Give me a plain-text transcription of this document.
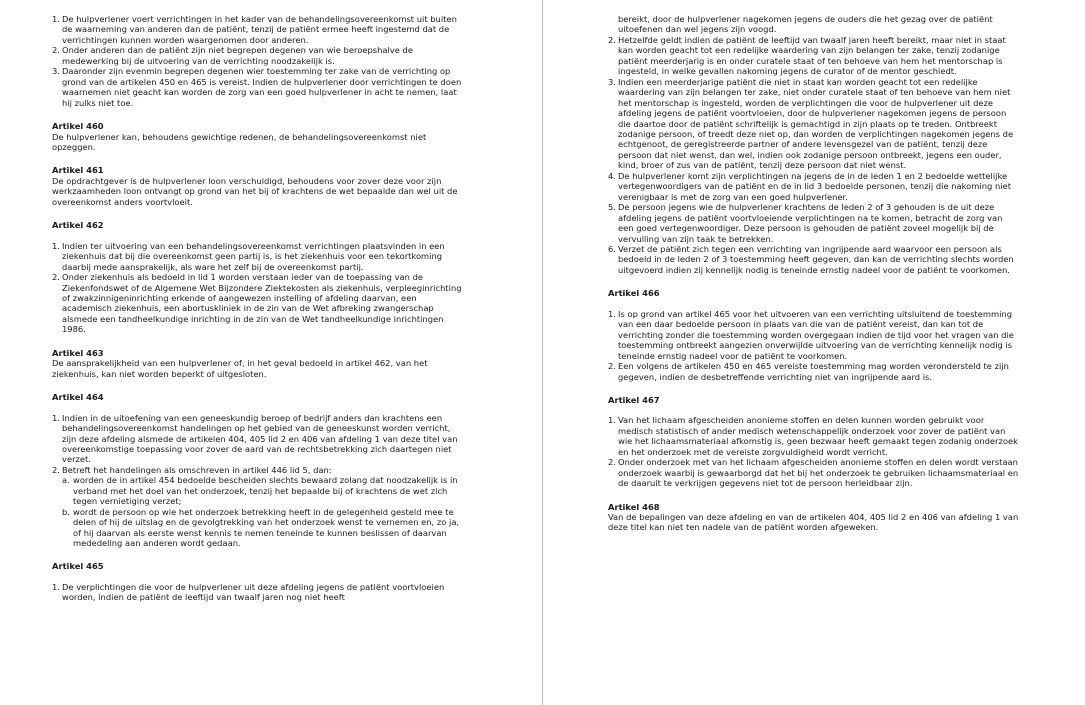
1. De hulpverlener voert verrichtingen in het kader van de behandelingsovereenkomst uit buiten de waarneming van anderen dan de patiënt, tenzij de patiënt ermee heeft ingestemd dat de verrichtingen kunnen worden waargenomen door anderen.
2. Onder anderen dan de patiënt zijn niet begrepen degenen van wie beroepshalve de medewerking bij de uitvoering van de verrichting noodzakelijk is.
3. Daaronder zijn evenmin begrepen degenen wier toestemming ter zake van de verrichting op grond van de artikelen 450 en 465 is vereist. Indien de hulpverlener door verrichtingen te doen waarnemen niet geacht kan worden de zorg van een goed hulpverlener in acht te nemen, laat hij zulks niet toe.

Artikel 460

De hulpverlener kan, behoudens gewichtige redenen, de behandelingsovereenkomst niet opzeggen.

Artikel 461

De opdrachtgever is de hulpverlener loon verschuldigd, behoudens voor zover deze voor zijn werkzaamheden loon ontvangt op grond van het bij of krachtens de wet bepaalde dan wel uit de overeenkomst anders voortvloeit.

Artikel 462

1. Indien ter uitvoering van een behandelingsovereenkomst verrichtingen plaatsvinden in een ziekenhuis dat bij die overeenkomst geen partij is, is het ziekenhuis voor een tekortkoming daarbij mede aansprakelijk, als ware het zelf bij de overeenkomst partij.
2. Onder ziekenhuis als bedoeld in lid 1 worden verstaan ieder van de toepassing van de Ziekenfondswet of de Algemene Wet Bijzondere Ziektekosten als ziekenhuis, verpleeginrichting of zwakzinnigeninrichting erkende of aangewezen instelling of afdeling daarvan, een academisch ziekenhuis, een abortuskliniek in de zin van de Wet afbreking zwangerschap alsmede een tandheelkundige inrichting in de zin van de Wet tandheelkundige inrichtingen 1986.

Artikel 463

De aansprakelijkheid van een hulpverlener of, in het geval bedoeld in artikel 462, van het ziekenhuis, kan niet worden beperkt of uitgesloten.

Artikel 464

1. Indien in de uitoefening van een geneeskundig beroep of bedrijf anders dan krachtens een behandelingsovereenkomst handelingen op het gebied van de geneeskunst worden verricht, zijn deze afdeling alsmede de artikelen 404, 405 lid 2 en 406 van afdeling 1 van deze titel van overeenkomstige toepassing voor zover de aard van de rechtsbetrekking zich daartegen niet verzet.
2. Betreft het handelingen als omschreven in artikel 446 lid 5, dan:
a. worden de in artikel 454 bedoelde bescheiden slechts bewaard zolang dat noodzakelijk is in verband met het doel van het onderzoek, tenzij het bepaalde bij of krachtens de wet zich tegen vernietiging verzet;
b. wordt de persoon op wie het onderzoek betrekking heeft in de gelegenheid gesteld mee te delen of hij de uitslag en de gevolgtrekking van het onderzoek wenst te vernemen en, zo ja, of hij daarvan als eerste wenst kennis te nemen teneinde te kunnen beslissen of daarvan mededeling aan anderen wordt gedaan.

Artikel 465

1. De verplichtingen die voor de hulpverlener uit deze afdeling jegens de patiënt voortvloeien worden, indien de patiënt de leeftijd van twaalf jaren nog niet heeft

bereikt, door de hulpverlener nagekomen jegens de ouders die het gezag over de patiënt uitoefenen dan wel jegens zijn voogd.

2. Hetzelfde geldt indien de patiënt de leeftijd van twaalf jaren heeft bereikt, maar niet in staat kan worden geacht tot een redelijke waardering van zijn belangen ter zake, tenzij zodanige patiënt meerderjarig is en onder curatele staat of ten behoeve van hem het mentorschap is ingesteld, in welke gevallen nakoming jegens de curator of de mentor geschiedt.
3. Indien een meerderjarige patiënt die niet in staat kan worden geacht tot een redelijke waardering van zijn belangen ter zake, niet onder curatele staat of ten behoeve van hem niet het mentorschap is ingesteld, worden de verplichtingen die voor de hulpverlener uit deze afdeling jegens de patiënt voortvloeien, door de hulpverlener nagekomen jegens de persoon die daartoe door de patiënt schriftelijk is gemachtigd in zijn plaats op te treden. Ontbreekt zodanige persoon, of treedt deze niet op, dan worden de verplichtingen nagekomen jegens de echtgenoot, de geregistreerde partner of andere levensgezel van de patiënt, tenzij deze persoon dat niet wenst, dan wel, indien ook zodanige persoon ontbreekt, jegens een ouder, kind, broer of zus van de patiënt, tenzij deze persoon dat niet wenst.
4. De hulpverlener komt zijn verplichtingen na jegens de in de leden 1 en 2 bedoelde wettelijke vertegenwoordigers van de patiënt en de in lid 3 bedoelde personen, tenzij die nakoming niet verenigbaar is met de zorg van een goed hulpverlener.
5. De persoon jegens wie de hulpverlener krachtens de leden 2 of 3 gehouden is de uit deze afdeling jegens de patiënt voortvloeiende verplichtingen na te komen, betracht de zorg van een goed vertegenwoordiger. Deze persoon is gehouden de patiënt zoveel mogelijk bij de vervulling van zijn taak te betrekken.
6. Verzet de patiënt zich tegen een verrichting van ingrijpende aard waarvoor een persoon als bedoeld in de leden 2 of 3 toestemming heeft gegeven, dan kan de verrichting slechts worden uitgevoerd indien zij kennelijk nodig is teneinde ernstig nadeel voor de patiënt te voorkomen.

Artikel 466

1. Is op grond van artikel 465 voor het uitvoeren van een verrichting uitsluitend de toestemming van een daar bedoelde persoon in plaats van die van de patiënt vereist, dan kan tot de verrichting zonder die toestemming worden overgegaan indien de tijd voor het vragen van die toestemming ontbreekt aangezien onverwijlde uitvoering van de verrichting kennelijk nodig is teneinde ernstig nadeel voor de patiënt te voorkomen.
2. Een volgens de artikelen 450 en 465 vereiste toestemming mag worden verondersteld te zijn gegeven, indien de desbetreffende verrichting niet van ingrijpende aard is.

Artikel 467

1. Van het lichaam afgescheiden anonieme stoffen en delen kunnen worden gebruikt voor medisch statistisch of ander medisch wetenschappelijk onderzoek voor zover de patiënt van wie het lichaamsmateriaal afkomstig is, geen bezwaar heeft gemaakt tegen zodanig onderzoek en het onderzoek met de vereiste zorgvuldigheid wordt verricht.
2. Onder onderzoek met van het lichaam afgescheiden anonieme stoffen en delen wordt verstaan onderzoek waarbij is gewaarborgd dat het bij het onderzoek te gebruiken lichaamsmateriaal en de daaruit te verkrijgen gegevens niet tot de persoon herleidbaar zijn.

Artikel 468

Van de bepalingen van deze afdeling en van de artikelen 404, 405 lid 2 en 406 van afdeling 1 van deze titel kan niet ten nadele van de patiënt worden afgeweken.
